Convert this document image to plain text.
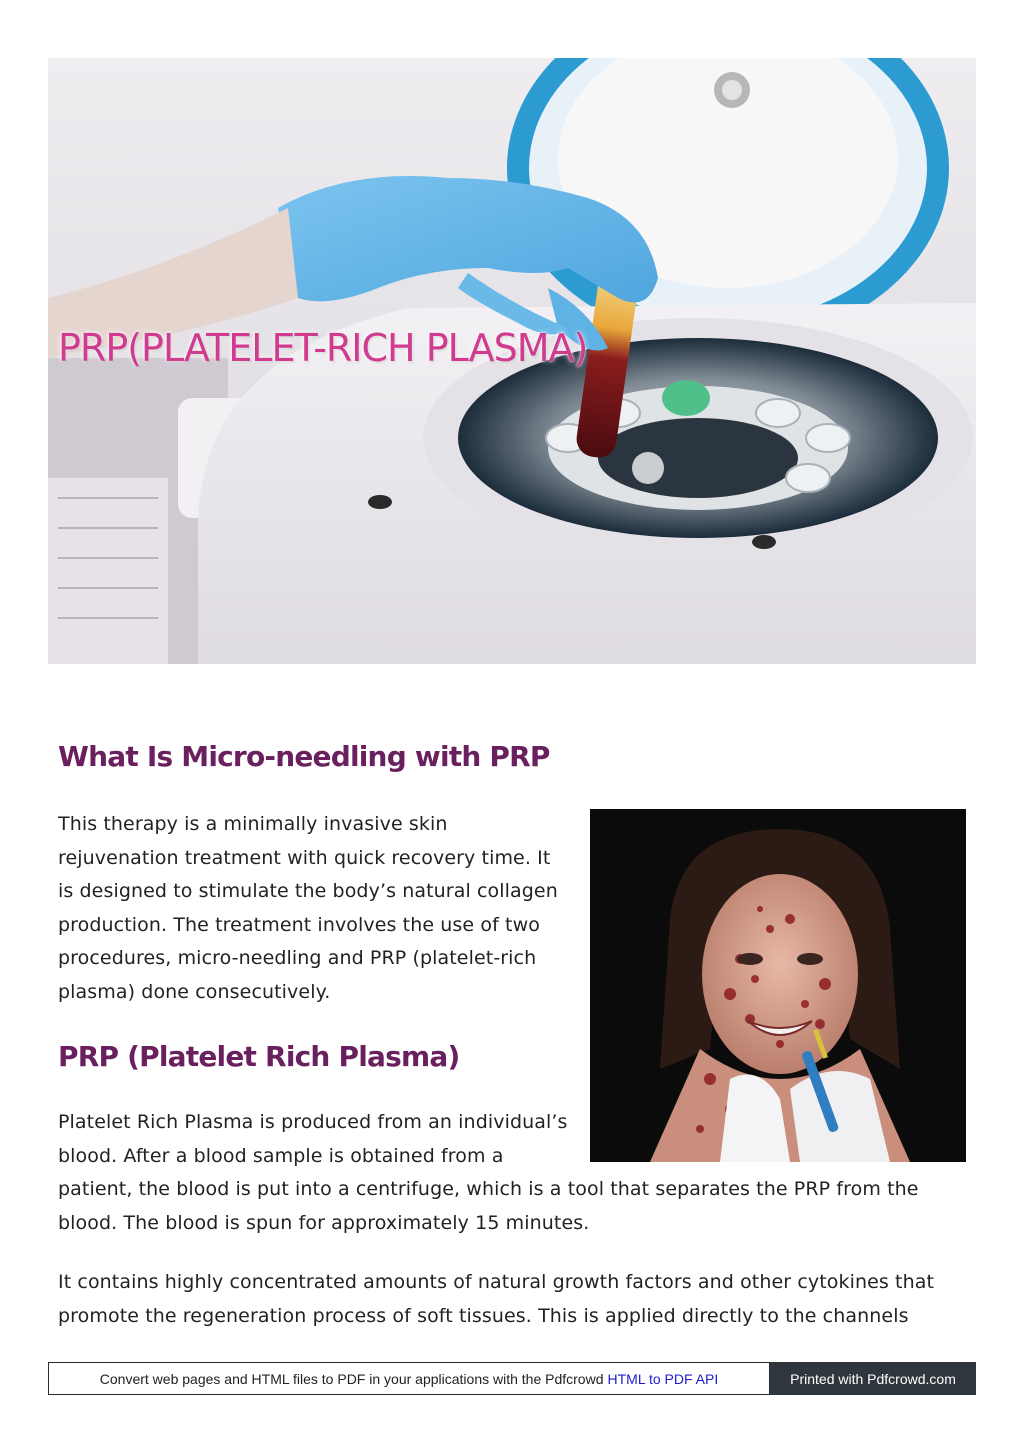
PRP(PLATELET-RICH PLASMA)
What Is Micro-needling with PRP

This therapy is a minimally invasive skin
rejuvenation treatment with quick recovery time. It
is designed to stimulate the body’s natural collagen
production. The treatment involves the use of two
procedures, micro-needling and PRP (platelet-rich
plasma) done consecutively.

PRP (Platelet Rich Plasma)

Platelet Rich Plasma is produced from an individual’s
blood. After a blood sample is obtained from a
patient, the blood is put into a centrifuge, which is a tool that separates the PRP from the
blood. The blood is spun for approximately 15 minutes.

It contains highly concentrated amounts of natural growth factors and other cytokines that
promote the regeneration process of soft tissues. This is applied directly to the channels

Convert web pages and HTML files to PDF in your applications with the Pdfcrowd HTML to PDF API	Printed with Pdfcrowd.com
